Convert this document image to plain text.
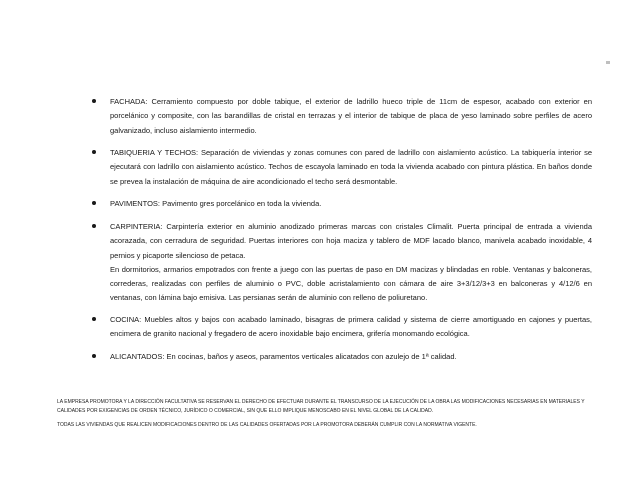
FACHADA: Cerramiento compuesto por doble tabique, el exterior de ladrillo hueco triple de 11cm de espesor, acabado con exterior en porcelánico y composite, con las barandillas de cristal en terrazas y el interior de tabique de placa de yeso laminado sobre perfiles de acero galvanizado, incluso aislamiento intermedio.

TABIQUERIA Y TECHOS: Separación de viviendas y zonas comunes con pared de ladrillo con aislamiento acústico. La tabiquería interior se ejecutará con ladrillo con aislamiento acústico. Techos de escayola laminado en toda la vivienda acabado con pintura plástica. En baños donde se prevea la instalación de máquina de aire acondicionado el techo será desmontable.

PAVIMENTOS: Pavimento gres porcelánico en toda la vivienda.

CARPINTERIA: Carpintería exterior en aluminio anodizado primeras marcas con cristales Climalit. Puerta principal de entrada a vivienda acorazada, con cerradura de seguridad. Puertas interiores con hoja maciza y tablero de MDF lacado blanco, manivela acabado inoxidable, 4 pernios y picaporte silencioso de petaca.

En dormitorios, armarios empotrados con frente a juego con las puertas de paso en DM macizas y blindadas en roble. Ventanas y balconeras, correderas, realizadas con perfiles de aluminio o PVC, doble acristalamiento con cámara de aire 3+3/12/3+3 en balconeras y 4/12/6 en ventanas, con lámina bajo emisiva. Las persianas serán de aluminio con relleno de poliuretano.

COCINA: Muebles altos y bajos con acabado laminado, bisagras de primera calidad y sistema de cierre amortiguado en cajones y puertas, encimera de granito nacional y fregadero de acero inoxidable bajo encimera, grifería monomando ecológica.

ALICANTADOS: En cocinas, baños y aseos, paramentos verticales alicatados con azulejo de 1ª calidad.

LA EMPRESA PROMOTORA Y LA DIRECCIÓN FACULTATIVA SE RESERVAN EL DERECHO DE EFECTUAR DURANTE EL TRANSCURSO DE LA EJECUCIÓN DE LA OBRA LAS MODIFICACIONES NECESARIAS EN MATERIALES Y CALIDADES POR EXIGENCIAS DE ORDEN TÉCNICO, JURÍDICO O COMERCIAL, SIN QUE ELLO IMPLIQUE MENOSCABO EN EL NIVEL GLOBAL DE LA CALIDAD.

TODAS LAS VIVIENDAS QUE REALICEN MODIFICACIONES DENTRO DE LAS CALIDADES OFERTADAS POR LA PROMOTORA DEBERÁN CUMPLIR CON LA NORMATIVA VIGENTE.
